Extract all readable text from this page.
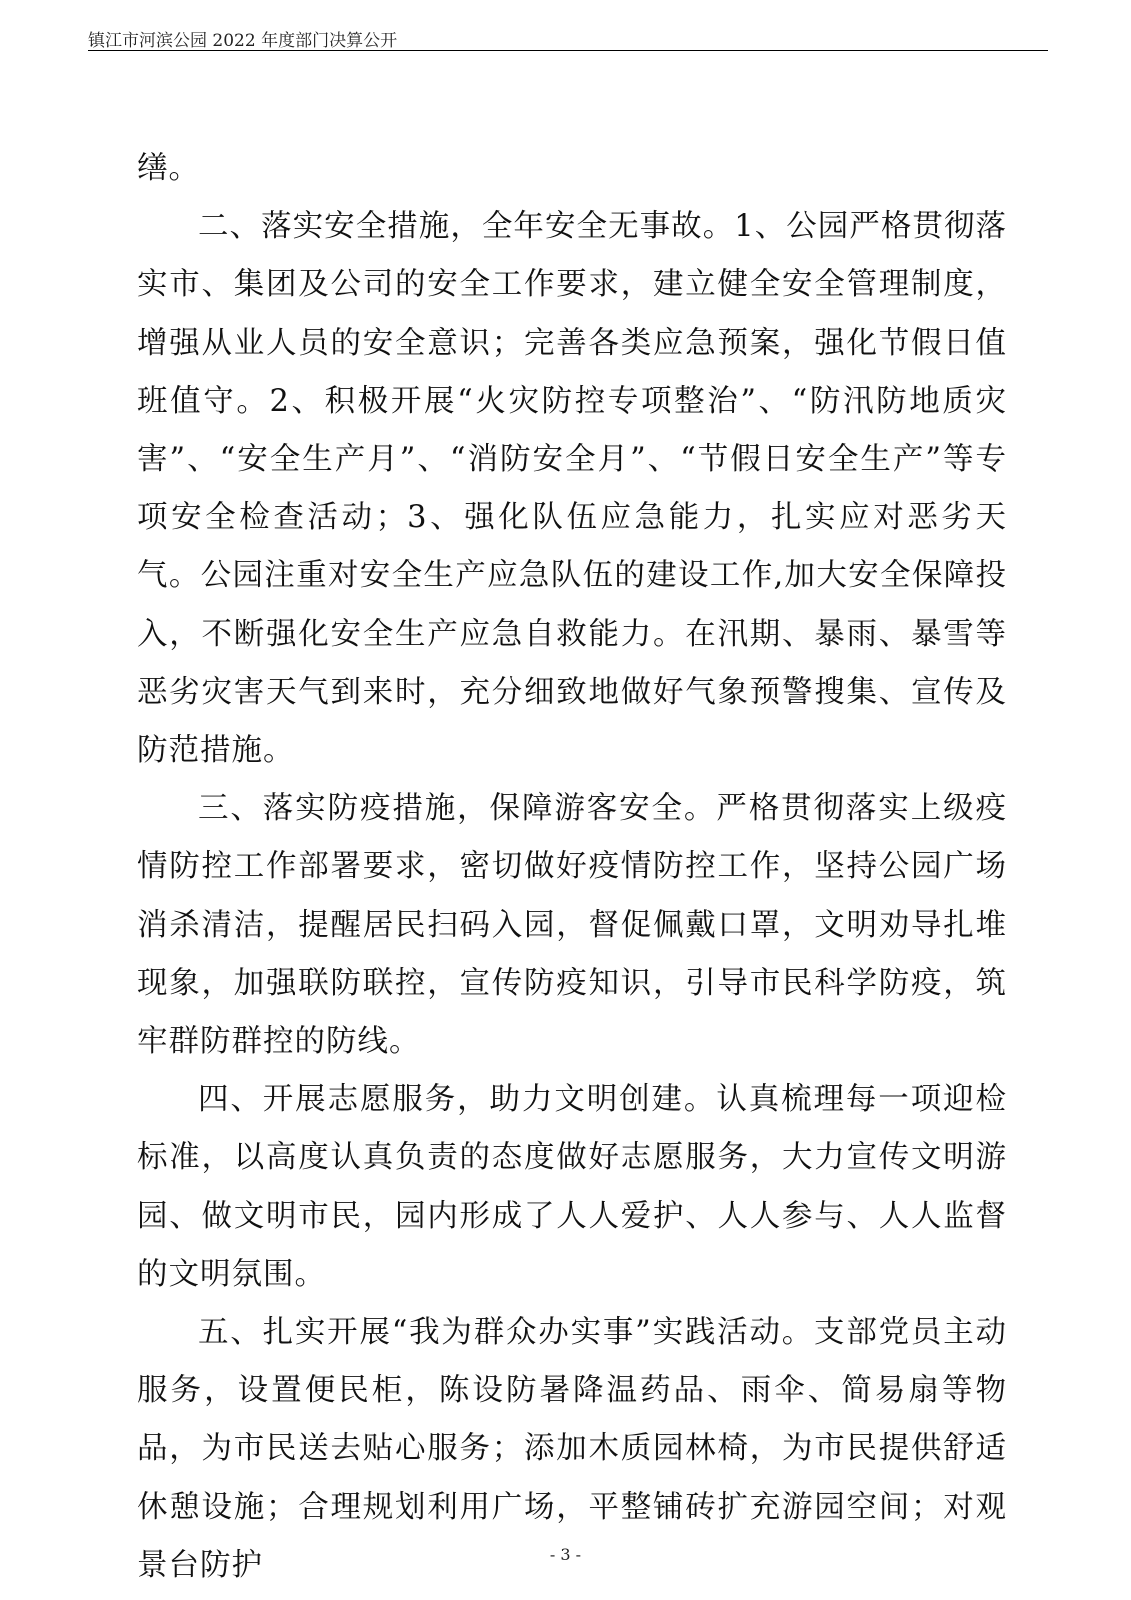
镇江市河滨公园 2022 年度部门决算公开

缮。

二、落实安全措施，全年安全无事故。1、公园严格贯彻落实市、集团及公司的安全工作要求，建立健全安全管理制度，增强从业人员的安全意识；完善各类应急预案，强化节假日值班值守。2、积极开展“火灾防控专项整治”、“防汛防地质灾害”、“安全生产月”、“消防安全月”、“节假日安全生产”等专项安全检查活动；3、强化队伍应急能力，扎实应对恶劣天气。公园注重对安全生产应急队伍的建设工作,加大安全保障投入，不断强化安全生产应急自救能力。在汛期、暴雨、暴雪等恶劣灾害天气到来时，充分细致地做好气象预警搜集、宣传及防范措施。

三、落实防疫措施，保障游客安全。严格贯彻落实上级疫情防控工作部署要求，密切做好疫情防控工作，坚持公园广场消杀清洁，提醒居民扫码入园，督促佩戴口罩，文明劝导扎堆现象，加强联防联控，宣传防疫知识，引导市民科学防疫，筑牢群防群控的防线。

四、开展志愿服务，助力文明创建。认真梳理每一项迎检标准，以高度认真负责的态度做好志愿服务，大力宣传文明游园、做文明市民，园内形成了人人爱护、人人参与、人人监督的文明氛围。

五、扎实开展“我为群众办实事”实践活动。支部党员主动服务，设置便民柜，陈设防暑降温药品、雨伞、简易扇等物品，为市民送去贴心服务；添加木质园林椅，为市民提供舒适休憩设施；合理规划利用广场，平整铺砖扩充游园空间；对观景台防护	- 3 -
